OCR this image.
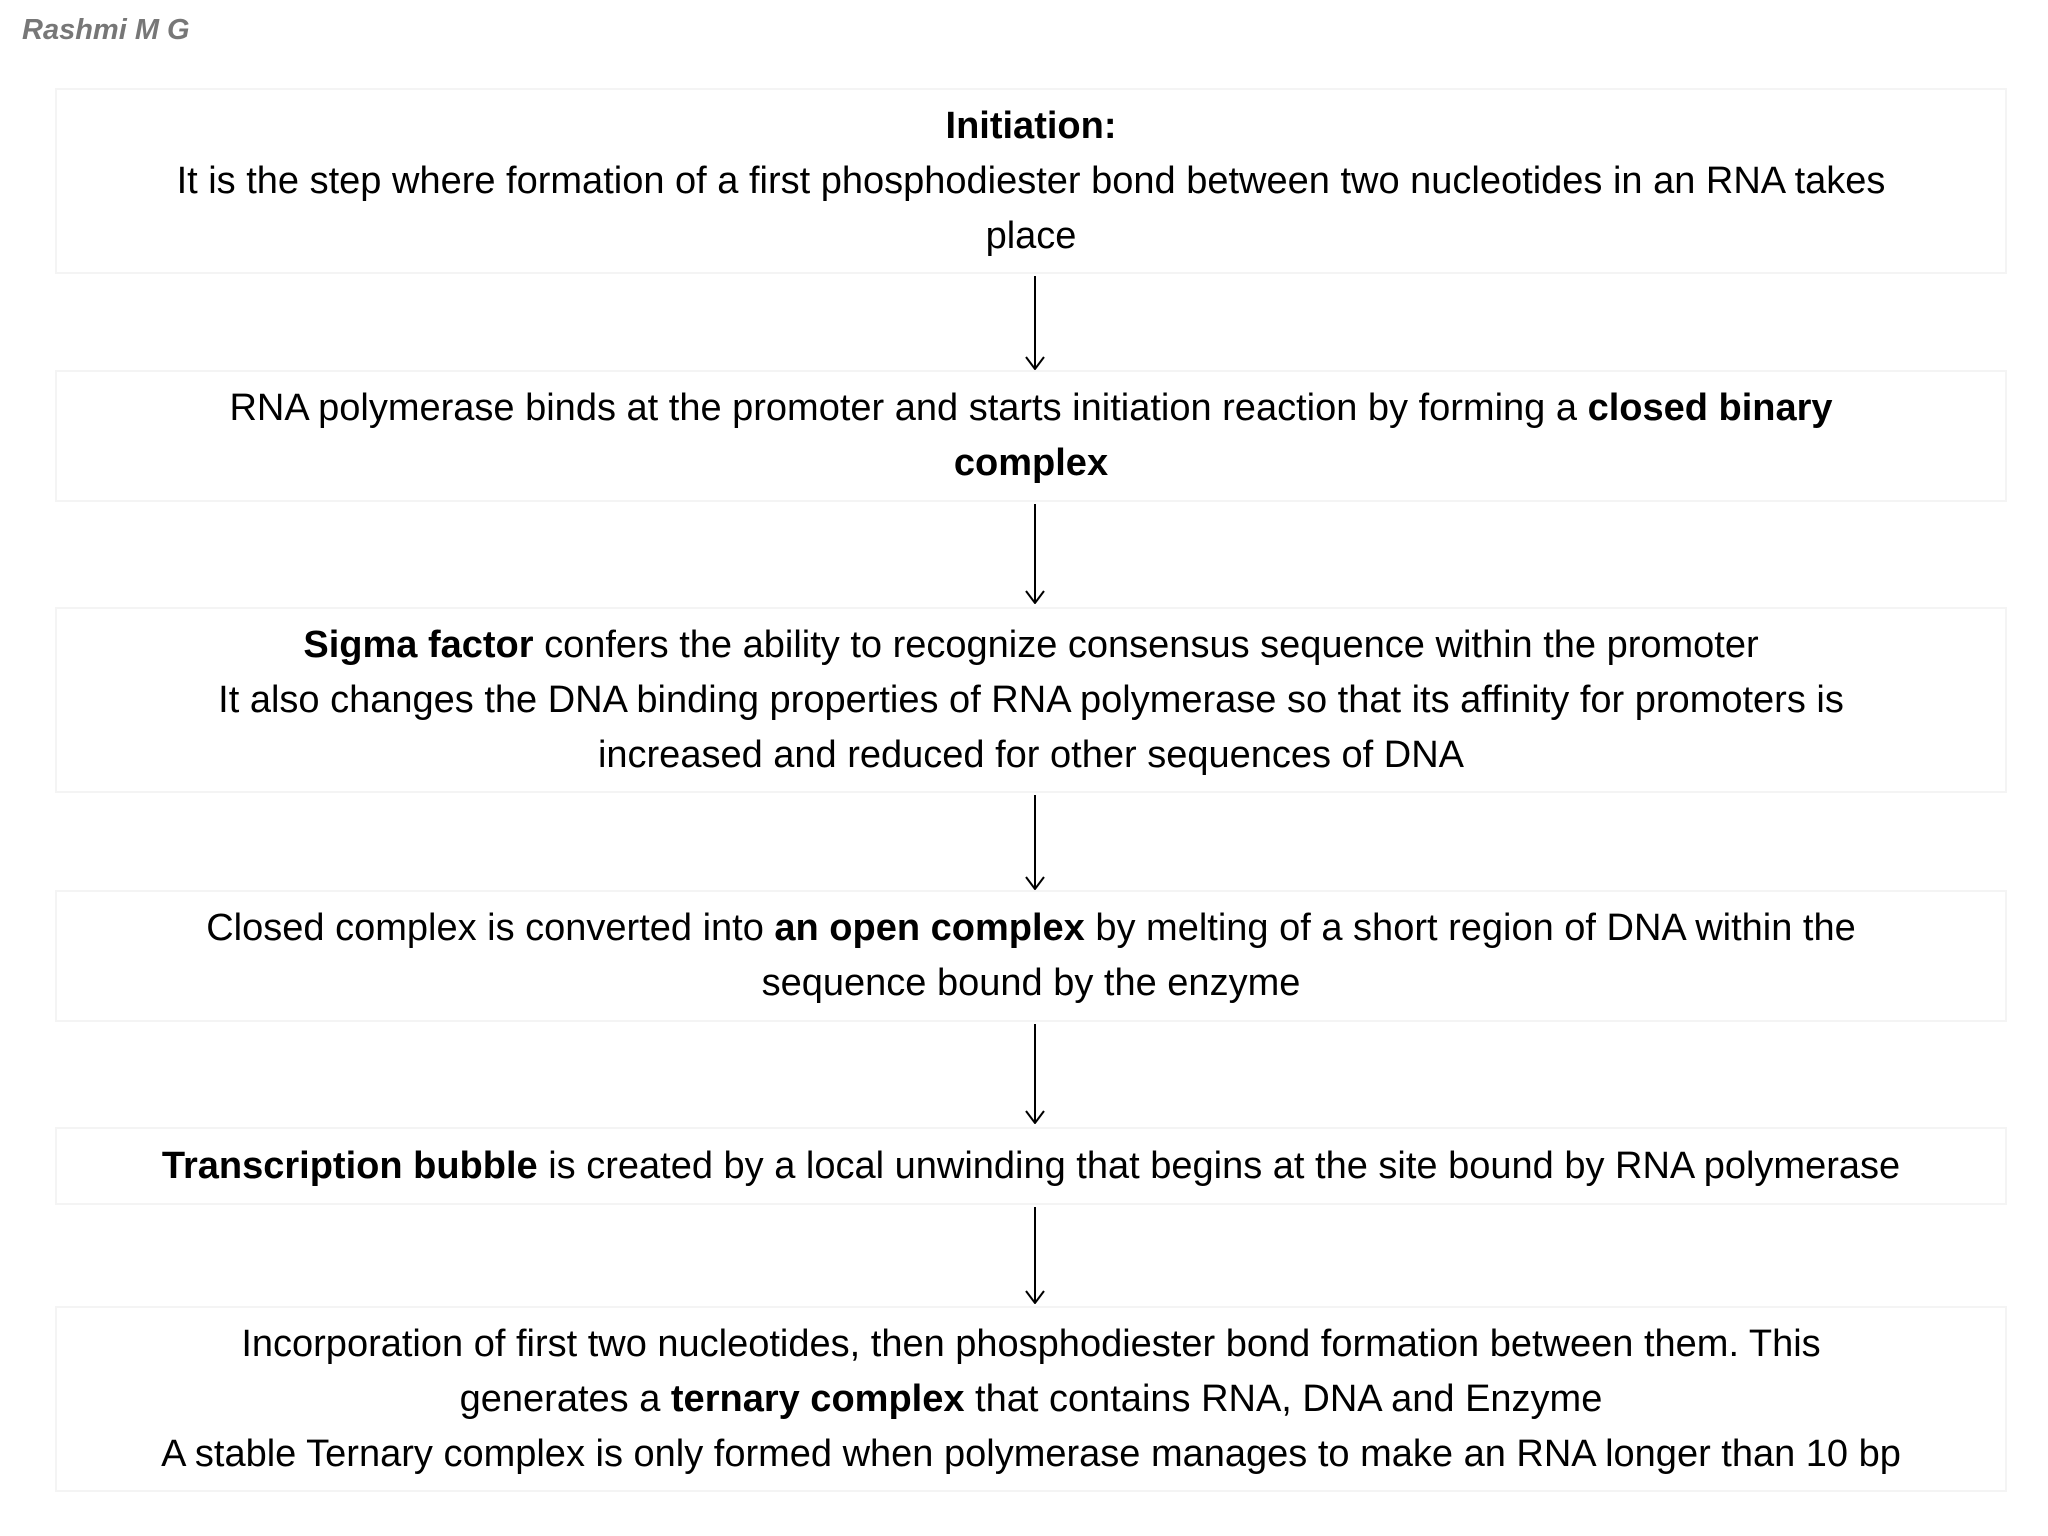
Rashmi M G
Initiation:
It is the step where formation of a first phosphodiester bond between two nucleotides in an RNA takes
place
RNA polymerase binds at the promoter and starts initiation reaction by forming a closed binary
complex
Sigma factor confers the ability to recognize consensus sequence within the promoter
It also changes the DNA binding properties of RNA polymerase so that its affinity for promoters is
increased and reduced for other sequences of DNA
Closed complex is converted into an open complex by melting of a short region of DNA within the
sequence bound by the enzyme
Transcription bubble is created by a local unwinding that begins at the site bound by RNA polymerase
Incorporation of first two nucleotides, then phosphodiester bond formation between them. This
generates a ternary complex that contains RNA, DNA and Enzyme
A stable Ternary complex is only formed when polymerase manages to make an RNA longer than 10 bp
